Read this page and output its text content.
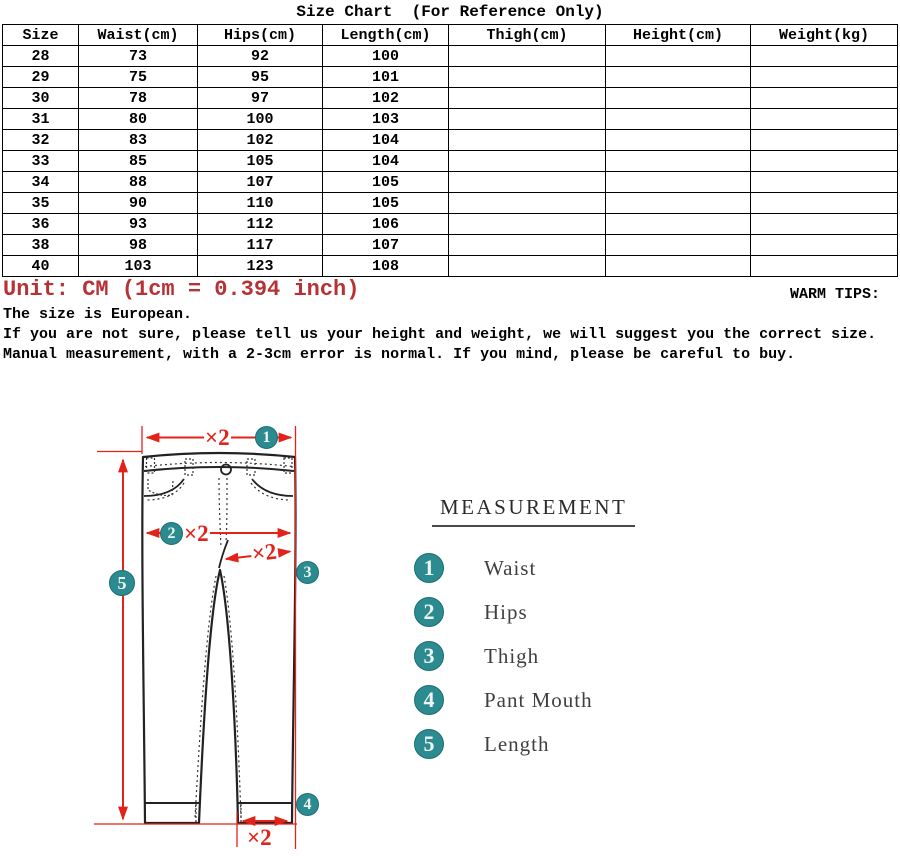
Size Chart  (For Reference Only)
Size	Waist(cm)	Hips(cm)	Length(cm)	Thigh(cm)	Height(cm)	Weight(kg)
28	73	92	100			
29	75	95	101			
30	78	97	102			
31	80	100	103			
32	83	102	104			
33	85	105	104			
34	88	107	105			
35	90	110	105			
36	93	112	106			
38	98	117	107			
40	103	123	108			
Unit: CM (1cm = 0.394 inch)	WARM TIPS:
The size is European.
If you are not sure, please tell us your height and weight, we will suggest you the correct size.
Manual measurement, with a 2-3cm error is normal. If you mind, please be careful to buy.
×2
×2
×2
×2
1
2
3
4
5
MEASUREMENT
1	Waist
2	Hips
3	Thigh
4	Pant Mouth
5	Length
